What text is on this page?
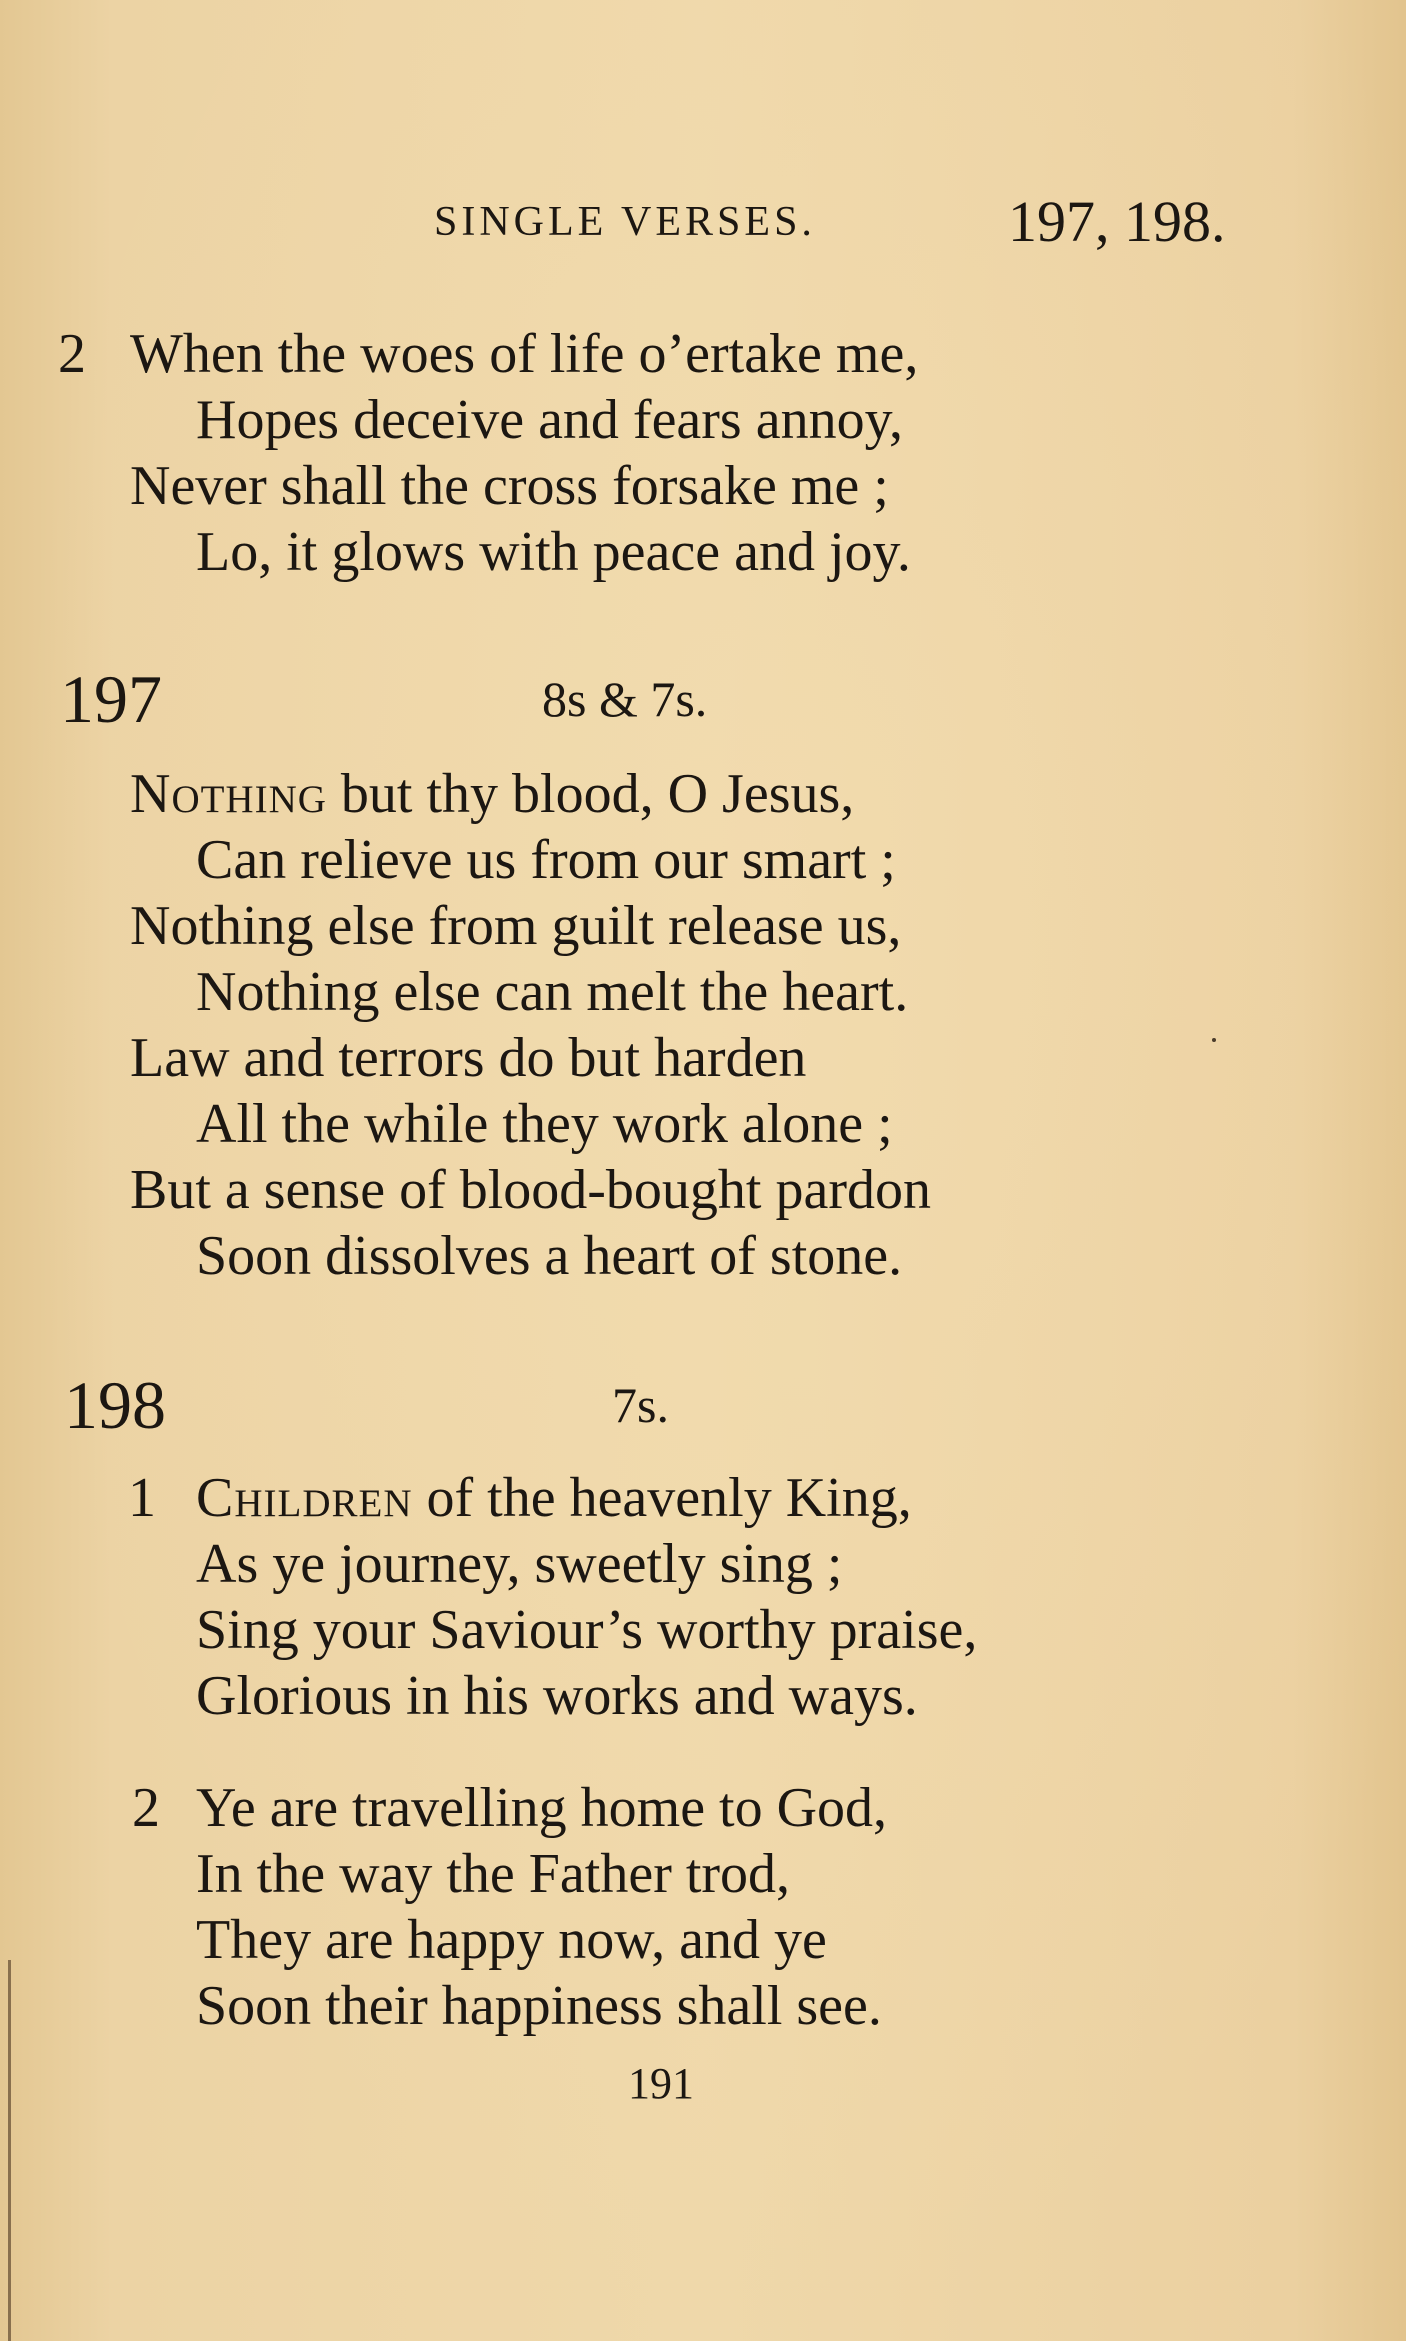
SINGLE VERSES.	197, 198.
2 When the woes of life o’ertake me,
Hopes deceive and fears annoy,
Never shall the cross forsake me ;
Lo, it glows with peace and joy.
197	8s & 7s.
Nothing but thy blood, O Jesus,
Can relieve us from our smart ;
Nothing else from guilt release us,
Nothing else can melt the heart.
Law and terrors do but harden
All the while they work alone ;
But a sense of blood-bought pardon
Soon dissolves a heart of stone.
198	7s.
1 Children of the heavenly King,
As ye journey, sweetly sing ;
Sing your Saviour’s worthy praise,
Glorious in his works and ways.
2 Ye are travelling home to God,
In the way the Father trod,
They are happy now, and ye
Soon their happiness shall see.
191
